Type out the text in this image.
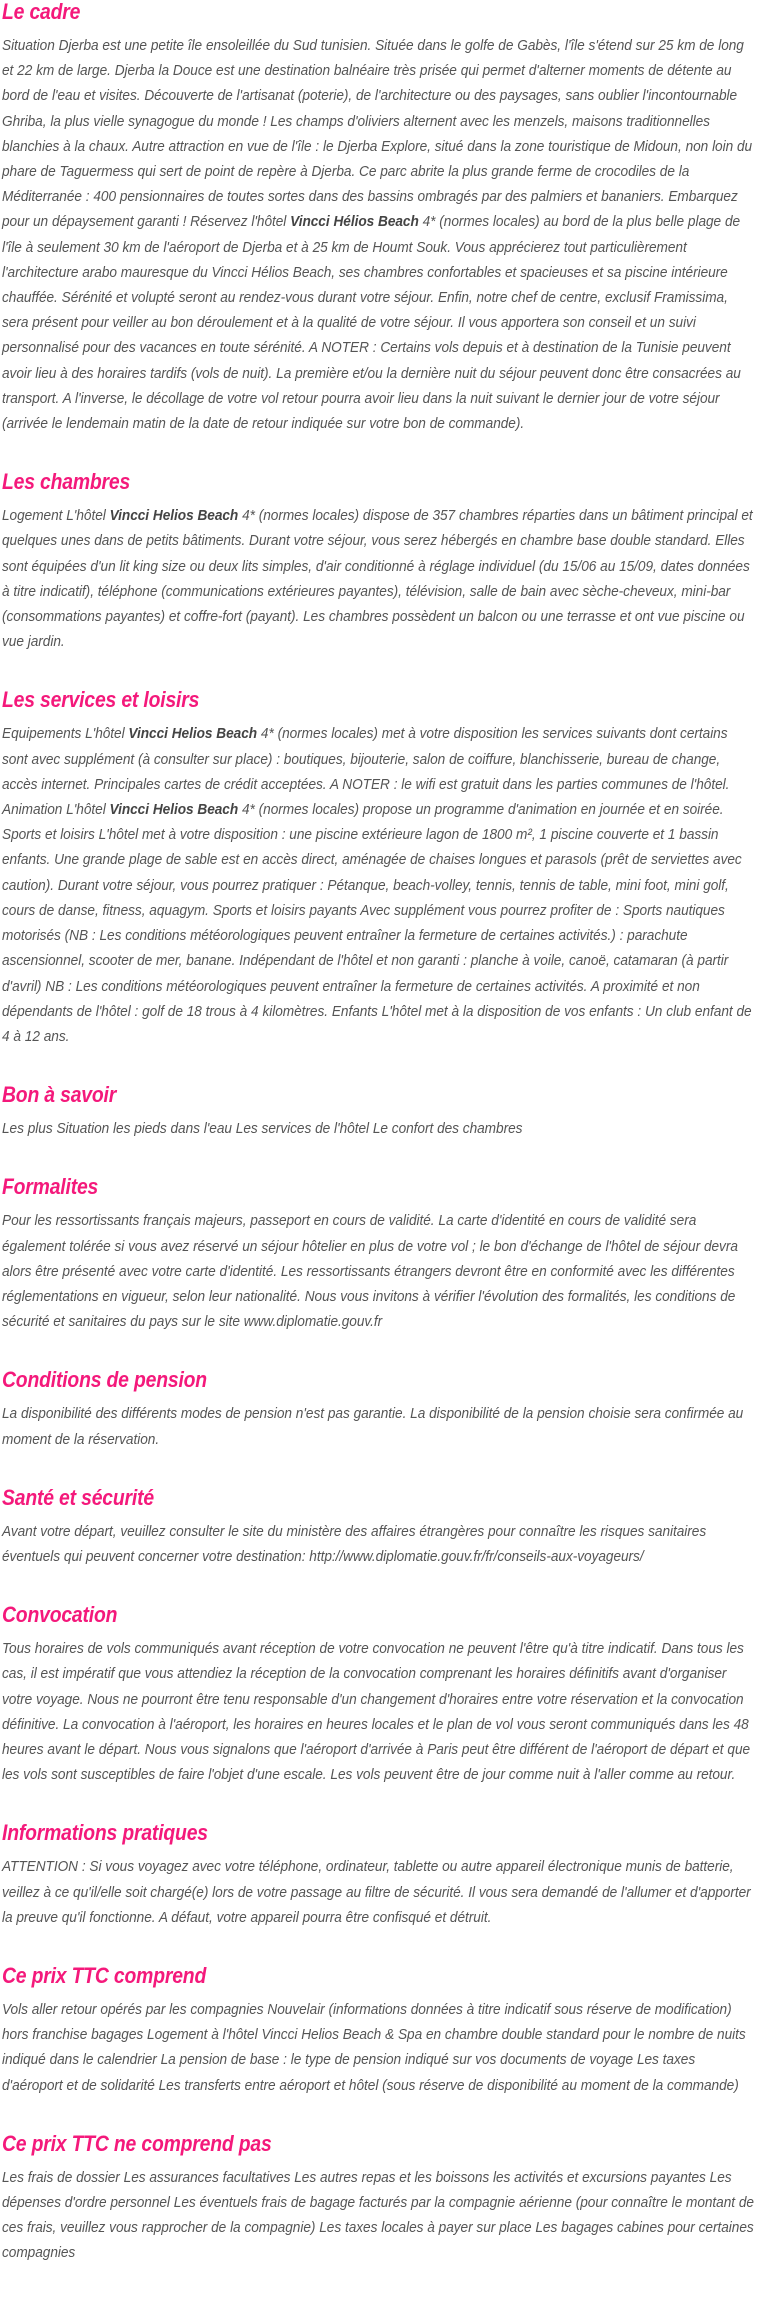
Le cadre

Situation Djerba est une petite île ensoleillée du Sud tunisien. Située dans le golfe de Gabès, l'île s'étend sur 25 km de long et 22 km de large. Djerba la Douce est une destination balnéaire très prisée qui permet d'alterner moments de détente au bord de l'eau et visites. Découverte de l'artisanat (poterie), de l'architecture ou des paysages, sans oublier l'incontournable Ghriba, la plus vielle synagogue du monde ! Les champs d'oliviers alternent avec les menzels, maisons traditionnelles blanchies à la chaux. Autre attraction en vue de l'île : le Djerba Explore, situé dans la zone touristique de Midoun, non loin du phare de Taguermess qui sert de point de repère à Djerba. Ce parc abrite la plus grande ferme de crocodiles de la Méditerranée : 400 pensionnaires de toutes sortes dans des bassins ombragés par des palmiers et bananiers. Embarquez pour un dépaysement garanti ! Réservez l'hôtel Vincci Hélios Beach 4* (normes locales) au bord de la plus belle plage de l'île à seulement 30 km de l'aéroport de Djerba et à 25 km de Houmt Souk. Vous apprécierez tout particulièrement l'architecture arabo mauresque du Vincci Hélios Beach, ses chambres confortables et spacieuses et sa piscine intérieure chauffée. Sérénité et volupté seront au rendez-vous durant votre séjour. Enfin, notre chef de centre, exclusif Framissima, sera présent pour veiller au bon déroulement et à la qualité de votre séjour. Il vous apportera son conseil et un suivi personnalisé pour des vacances en toute sérénité. A NOTER : Certains vols depuis et à destination de la Tunisie peuvent avoir lieu à des horaires tardifs (vols de nuit). La première et/ou la dernière nuit du séjour peuvent donc être consacrées au transport. A l'inverse, le décollage de votre vol retour pourra avoir lieu dans la nuit suivant le dernier jour de votre séjour (arrivée le lendemain matin de la date de retour indiquée sur votre bon de commande).

Les chambres

Logement L'hôtel Vincci Helios Beach 4* (normes locales) dispose de 357 chambres réparties dans un bâtiment principal et quelques unes dans de petits bâtiments. Durant votre séjour, vous serez hébergés en chambre base double standard. Elles sont équipées d'un lit king size ou deux lits simples, d'air conditionné à réglage individuel (du 15/06 au 15/09, dates données à titre indicatif), téléphone (communications extérieures payantes), télévision, salle de bain avec sèche-cheveux, mini-bar (consommations payantes) et coffre-fort (payant). Les chambres possèdent un balcon ou une terrasse et ont vue piscine ou vue jardin.

Les services et loisirs

Equipements L'hôtel Vincci Helios Beach 4* (normes locales) met à votre disposition les services suivants dont certains sont avec supplément (à consulter sur place) : boutiques, bijouterie, salon de coiffure, blanchisserie, bureau de change, accès internet. Principales cartes de crédit acceptées. A NOTER : le wifi est gratuit dans les parties communes de l'hôtel. Animation L'hôtel Vincci Helios Beach 4* (normes locales) propose un programme d'animation en journée et en soirée. Sports et loisirs L'hôtel met à votre disposition : une piscine extérieure lagon de 1800 m², 1 piscine couverte et 1 bassin enfants. Une grande plage de sable est en accès direct, aménagée de chaises longues et parasols (prêt de serviettes avec caution). Durant votre séjour, vous pourrez pratiquer : Pétanque, beach-volley, tennis, tennis de table, mini foot, mini golf, cours de danse, fitness, aquagym. Sports et loisirs payants Avec supplément vous pourrez profiter de : Sports nautiques motorisés (NB : Les conditions météorologiques peuvent entraîner la fermeture de certaines activités.) : parachute ascensionnel, scooter de mer, banane. Indépendant de l'hôtel et non garanti : planche à voile, canoë, catamaran (à partir d'avril) NB : Les conditions météorologiques peuvent entraîner la fermeture de certaines activités. A proximité et non dépendants de l'hôtel : golf de 18 trous à 4 kilomètres. Enfants L'hôtel met à la disposition de vos enfants : Un club enfant de 4 à 12 ans.

Bon à savoir

Les plus Situation les pieds dans l'eau Les services de l'hôtel Le confort des chambres

Formalites

Pour les ressortissants français majeurs, passeport en cours de validité. La carte d'identité en cours de validité sera également tolérée si vous avez réservé un séjour hôtelier en plus de votre vol ; le bon d'échange de l'hôtel de séjour devra alors être présenté avec votre carte d'identité. Les ressortissants étrangers devront être en conformité avec les différentes réglementations en vigueur, selon leur nationalité. Nous vous invitons à vérifier l'évolution des formalités, les conditions de sécurité et sanitaires du pays sur le site www.diplomatie.gouv.fr

Conditions de pension

La disponibilité des différents modes de pension n'est pas garantie. La disponibilité de la pension choisie sera confirmée au moment de la réservation.

Santé et sécurité

Avant votre départ, veuillez consulter le site du ministère des affaires étrangères pour connaître les risques sanitaires éventuels qui peuvent concerner votre destination: http://www.diplomatie.gouv.fr/fr/conseils-aux-voyageurs/

Convocation

Tous horaires de vols communiqués avant réception de votre convocation ne peuvent l'être qu'à titre indicatif. Dans tous les cas, il est impératif que vous attendiez la réception de la convocation comprenant les horaires définitifs avant d'organiser votre voyage. Nous ne pourront être tenu responsable d'un changement d'horaires entre votre réservation et la convocation définitive. La convocation à l'aéroport, les horaires en heures locales et le plan de vol vous seront communiqués dans les 48 heures avant le départ. Nous vous signalons que l'aéroport d'arrivée à Paris peut être différent de l'aéroport de départ et que les vols sont susceptibles de faire l'objet d'une escale. Les vols peuvent être de jour comme nuit à l'aller comme au retour.

Informations pratiques

ATTENTION : Si vous voyagez avec votre téléphone, ordinateur, tablette ou autre appareil électronique munis de batterie, veillez à ce qu'il/elle soit chargé(e) lors de votre passage au filtre de sécurité. Il vous sera demandé de l'allumer et d'apporter la preuve qu'il fonctionne. A défaut, votre appareil pourra être confisqué et détruit.

Ce prix TTC comprend

Vols aller retour opérés par les compagnies Nouvelair (informations données à titre indicatif sous réserve de modification) hors franchise bagages Logement à l'hôtel Vincci Helios Beach & Spa en chambre double standard pour le nombre de nuits indiqué dans le calendrier La pension de base : le type de pension indiqué sur vos documents de voyage Les taxes d'aéroport et de solidarité Les transferts entre aéroport et hôtel (sous réserve de disponibilité au moment de la commande)

Ce prix TTC ne comprend pas

Les frais de dossier Les assurances facultatives Les autres repas et les boissons les activités et excursions payantes Les dépenses d'ordre personnel Les éventuels frais de bagage facturés par la compagnie aérienne (pour connaître le montant de ces frais, veuillez vous rapprocher de la compagnie) Les taxes locales à payer sur place Les bagages cabines pour certaines compagnies
